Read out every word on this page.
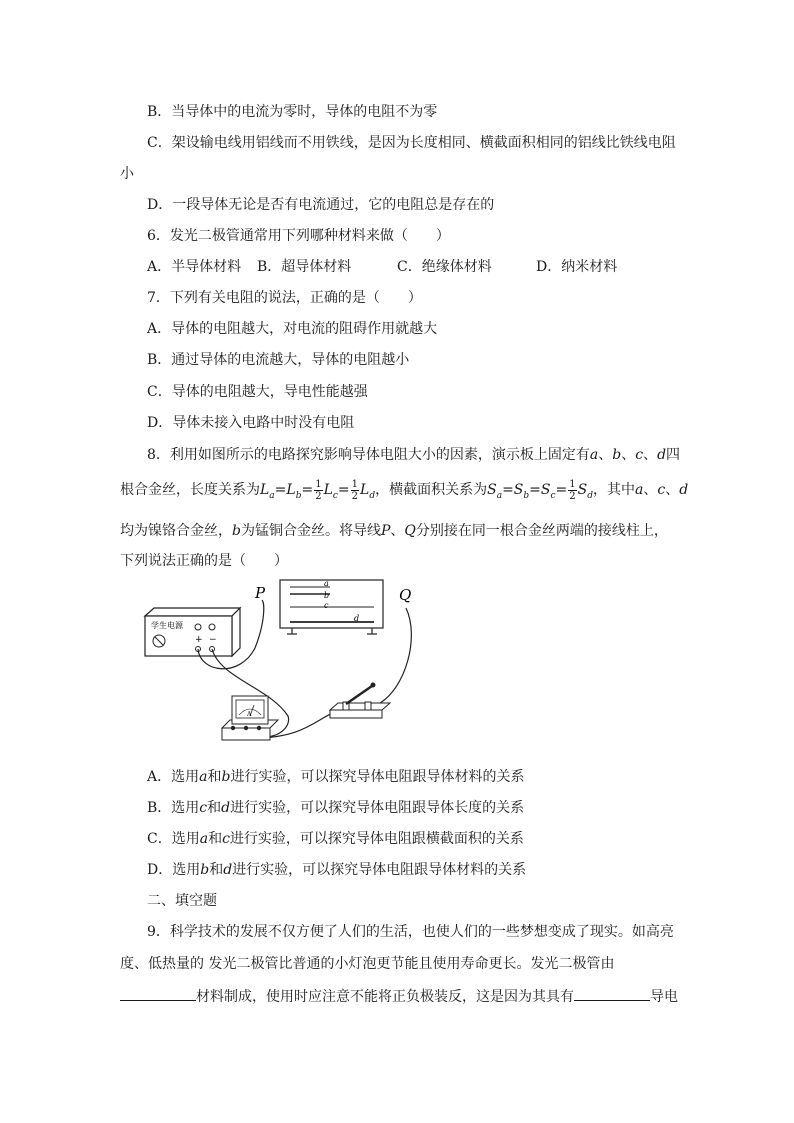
B．当导体中的电流为零时，导体的电阻不为零
C．架设输电线用铝线而不用铁线，是因为长度相同、横截面积相同的铝线比铁线电阻
小
D．一段导体无论是否有电流通过，它的电阻总是存在的
6．发光二极管通常用下列哪种材料来做（　　）
A．半导体材料 B．超导体材料	C．绝缘体材料	D．纳米材料
7．下列有关电阻的说法，正确的是（　　）
A．导体的电阻越大，对电流的阻碍作用就越大
B．通过导体的电流越大，导体的电阻越小
C．导体的电阻越大，导电性能越强
D．导体未接入电路中时没有电阻
8．利用如图所示的电路探究影响导体电阻大小的因素，演示板上固定有a、b、c、d四
根合金丝，长度关系为$L_a=L_b= \frac{1}{2} L_c= \frac{1}{2} L_d$，横截面积关系为$S_a=S_b=S_c= \frac{1}{2} S_d$，其中a、c、d
均为镍铬合金丝，b为锰铜合金丝。将导线P、Q分别接在同一根合金丝两端的接线柱上，
下列说法正确的是（　　）
学生电源
+ −
a
b
c
d
P	Q
A
A．选用a和b进行实验，可以探究导体电阻跟导体材料的关系
B．选用c和d进行实验，可以探究导体电阻跟导体长度的关系
C．选用a和c进行实验，可以探究导体电阻跟横截面积的关系
D．选用b和d进行实验，可以探究导体电阻跟导体材料的关系
二、填空题
9．科学技术的发展不仅方便了人们的生活，也使人们的一些梦想变成了现实。如高亮
度、低热量的 发光二极管比普通的小灯泡更节能且使用寿命更长。发光二极管由
材料制成，使用时应注意不能将正负极装反，这是因为其具有	导电
